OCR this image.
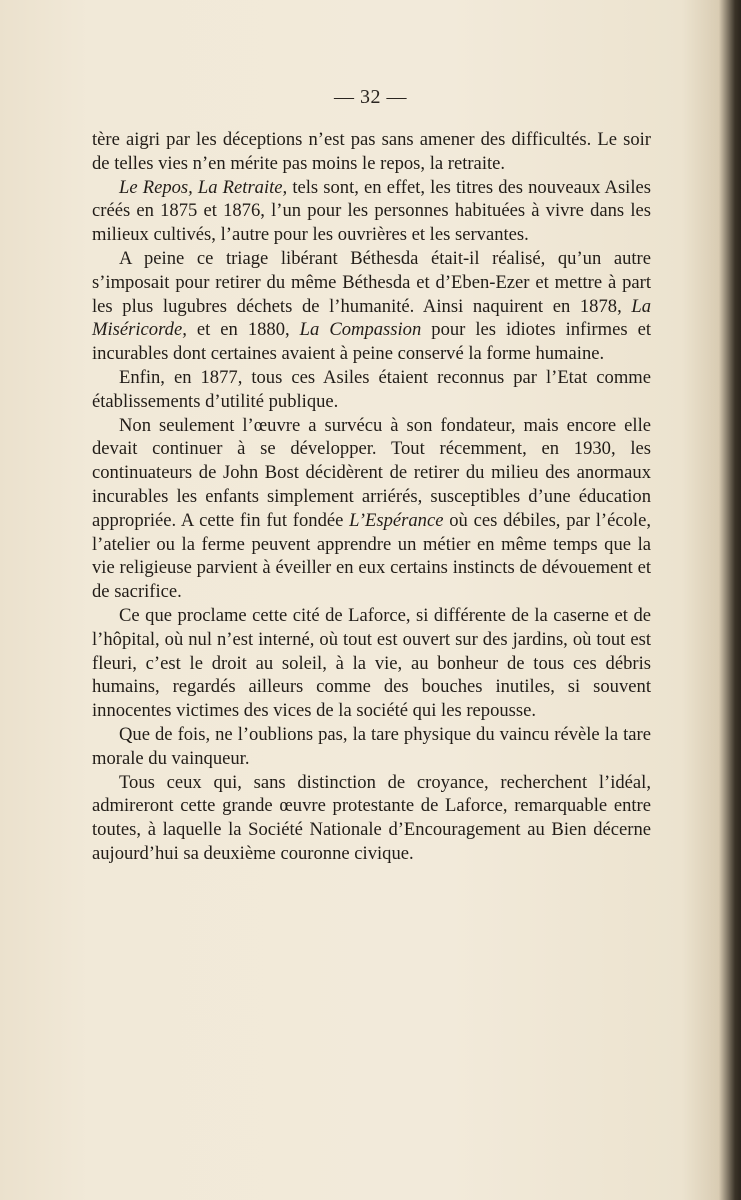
— 32 —

tère aigri par les déceptions n’est pas sans amener des difficultés. Le soir de telles vies n’en mérite pas moins le repos, la retraite.

Le Repos, La Retraite, tels sont, en effet, les titres des nouveaux Asiles créés en 1875 et 1876, l’un pour les personnes habituées à vivre dans les milieux cultivés, l’autre pour les ouvrières et les servantes.

A peine ce triage libérant Béthesda était-il réalisé, qu’un autre s’imposait pour retirer du même Béthesda et d’Eben-Ezer et mettre à part les plus lugubres déchets de l’humanité. Ainsi naquirent en 1878, La Miséricorde, et en 1880, La Compassion pour les idiotes infirmes et incurables dont certaines avaient à peine conservé la forme humaine.

Enfin, en 1877, tous ces Asiles étaient reconnus par l’Etat comme établissements d’utilité publique.

Non seulement l’œuvre a survécu à son fondateur, mais encore elle devait continuer à se développer. Tout récemment, en 1930, les continuateurs de John Bost décidèrent de retirer du milieu des anormaux incurables les enfants simplement arriérés, susceptibles d’une éducation appropriée. A cette fin fut fondée L’Espérance où ces débiles, par l’école, l’atelier ou la ferme peuvent apprendre un métier en même temps que la vie religieuse parvient à éveiller en eux certains instincts de dévouement et de sacrifice.

Ce que proclame cette cité de Laforce, si différente de la caserne et de l’hôpital, où nul n’est interné, où tout est ouvert sur des jardins, où tout est fleuri, c’est le droit au soleil, à la vie, au bonheur de tous ces débris humains, regardés ailleurs comme des bouches inutiles, si souvent innocentes victimes des vices de la société qui les repousse.

Que de fois, ne l’oublions pas, la tare physique du vaincu révèle la tare morale du vainqueur.

Tous ceux qui, sans distinction de croyance, recherchent l’idéal, admireront cette grande œuvre protestante de Laforce, remarquable entre toutes, à laquelle la Société Nationale d’Encouragement au Bien décerne aujourd’hui sa deuxième couronne civique.
